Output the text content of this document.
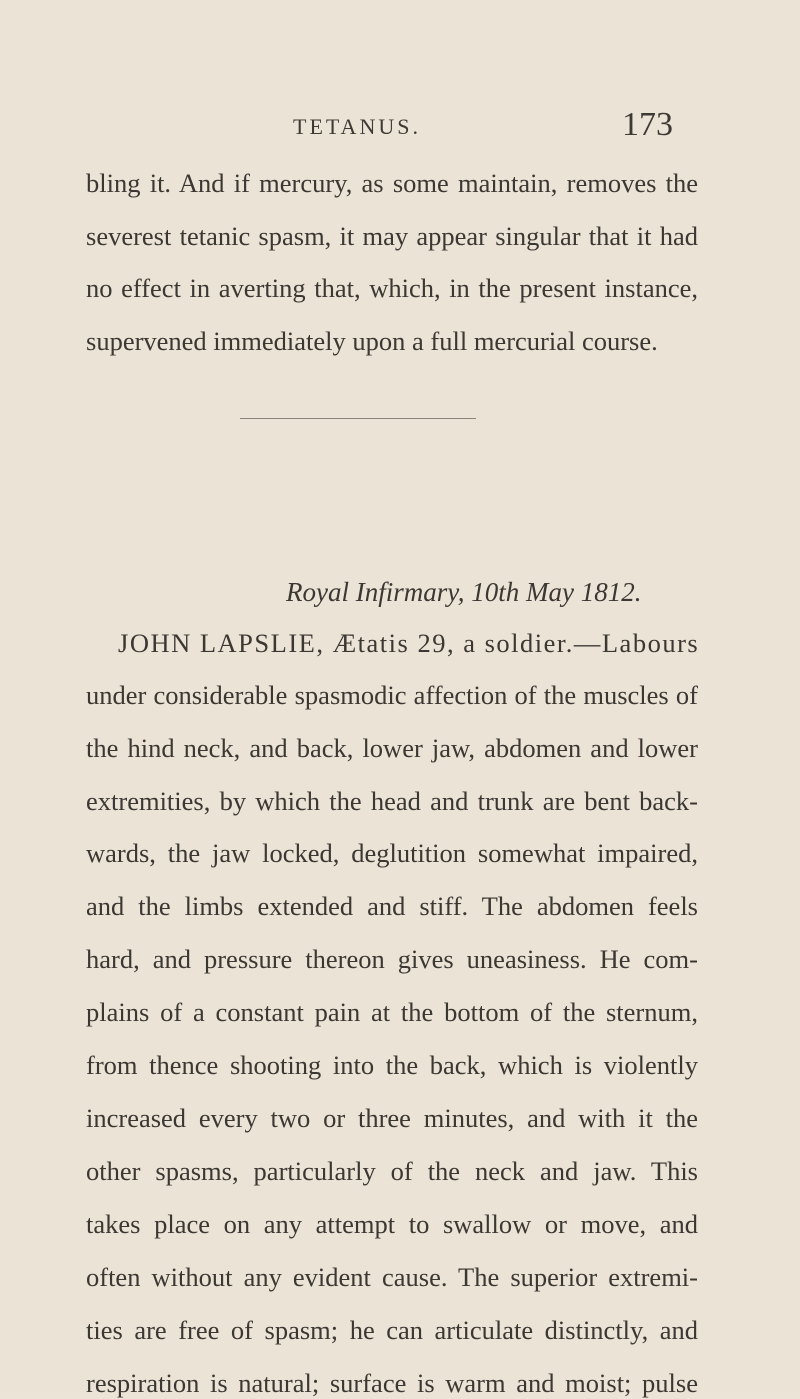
TETANUS.	173
bling it. And if mercury, as some maintain, removes the
severest tetanic spasm, it may appear singular that it had
no effect in averting that, which, in the present instance,
supervened immediately upon a full mercurial course.
Royal Infirmary, 10th May 1812.
JOHN LAPSLIE, Ætatis 29, a soldier.—Labours
under considerable spasmodic affection of the muscles of
the hind neck, and back, lower jaw, abdomen and lower
extremities, by which the head and trunk are bent back-
wards, the jaw locked, deglutition somewhat impaired,
and the limbs extended and stiff. The abdomen feels
hard, and pressure thereon gives uneasiness. He com-
plains of a constant pain at the bottom of the sternum,
from thence shooting into the back, which is violently
increased every two or three minutes, and with it the
other spasms, particularly of the neck and jaw. This
takes place on any attempt to swallow or move, and
often without any evident cause. The superior extremi-
ties are free of spasm; he can articulate distinctly, and
respiration is natural; surface is warm and moist; pulse
